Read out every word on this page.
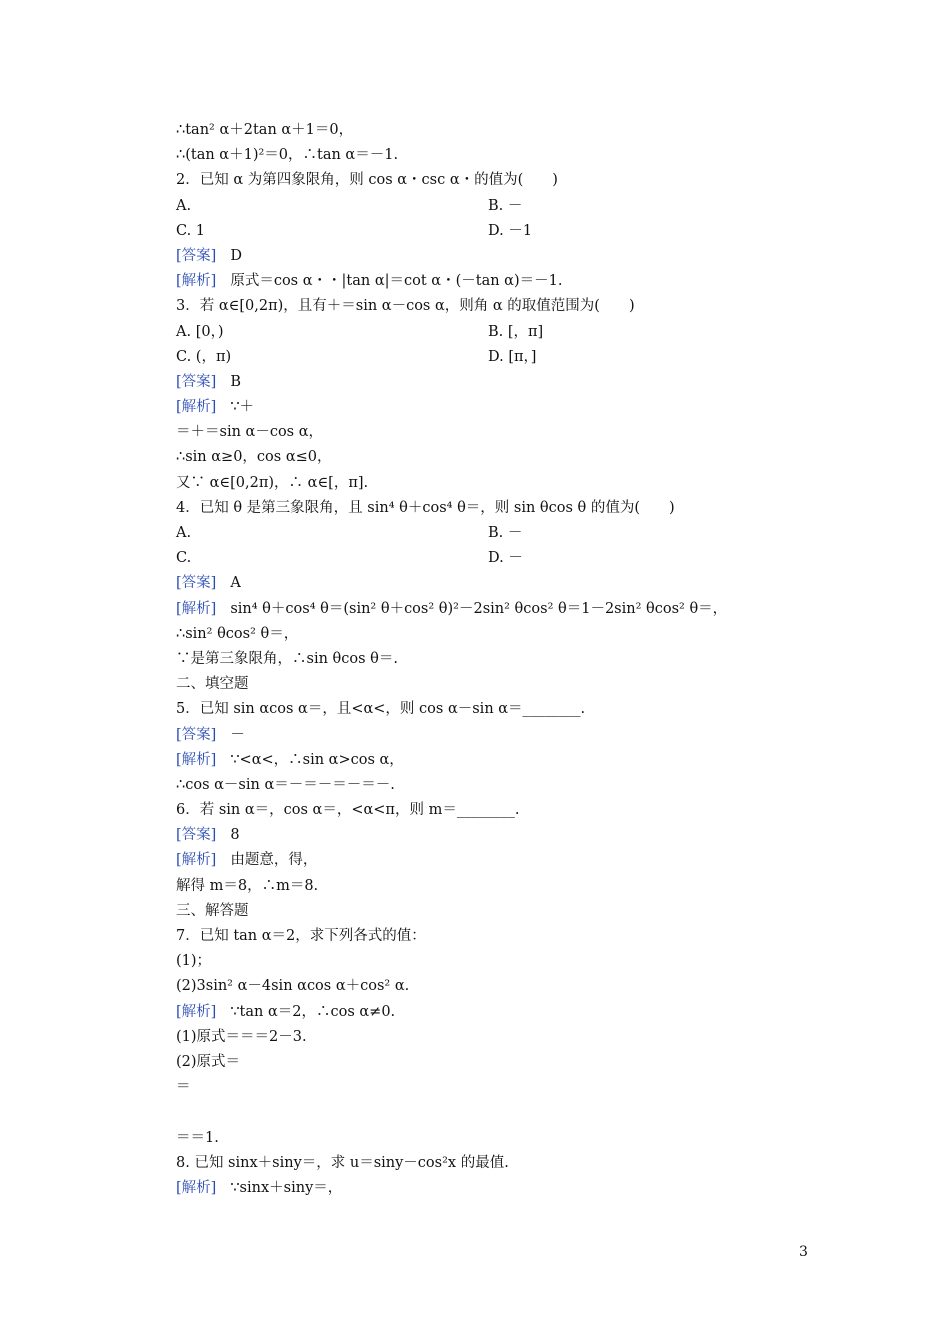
∴tan² α＋2tan α＋1＝0，
∴(tan α＋1)²＝0，∴tan α＝－1.
2．已知 α 为第四象限角，则 cos α・csc α・的值为(　　)
A.	B. －
C. 1	D. －1
[答案] D
[解析] 原式＝cos α・・|tan α|＝cot α・(－tan α)＝－1.
3．若 α∈[0,2π)，且有＋＝sin α－cos α，则角 α 的取值范围为(　　)
A. [0，)	B. [，π]
C. (，π)	D. [π，]
[答案] B
[解析] ∵＋
＝＋＝sin α－cos α，
∴sin α≥0，cos α≤0，
又∵ α∈[0,2π)，∴ α∈[，π].
4．已知 θ 是第三象限角，且 sin⁴ θ＋cos⁴ θ＝，则 sin θcos θ 的值为(　　)
A.	B. －
C.	D. －
[答案] A
[解析] sin⁴ θ＋cos⁴ θ＝(sin² θ＋cos² θ)²－2sin² θcos² θ＝1－2sin² θcos² θ＝，
∴sin² θcos² θ＝，
∵是第三象限角，∴sin θcos θ＝.
二、填空题
5．已知 sin αcos α＝，且<α<，则 cos α－sin α＝________.
[答案] －
[解析] ∵<α<，∴sin α>cos α，
∴cos α－sin α＝－＝－＝－＝－.
6．若 sin α＝，cos α＝，<α<π，则 m＝________.
[答案] 8
[解析] 由题意，得，
解得 m＝8，∴m＝8.
三、解答题
7．已知 tan α＝2，求下列各式的值：
(1)；
(2)3sin² α－4sin αcos α＋cos² α.
[解析] ∵tan α＝2，∴cos α≠0.
(1)原式＝＝＝2－3.
(2)原式＝
＝
＝＝1.
8. 已知 sinx＋siny＝，求 u＝siny－cos²x 的最值.
[解析] ∵sinx＋siny＝，
3
